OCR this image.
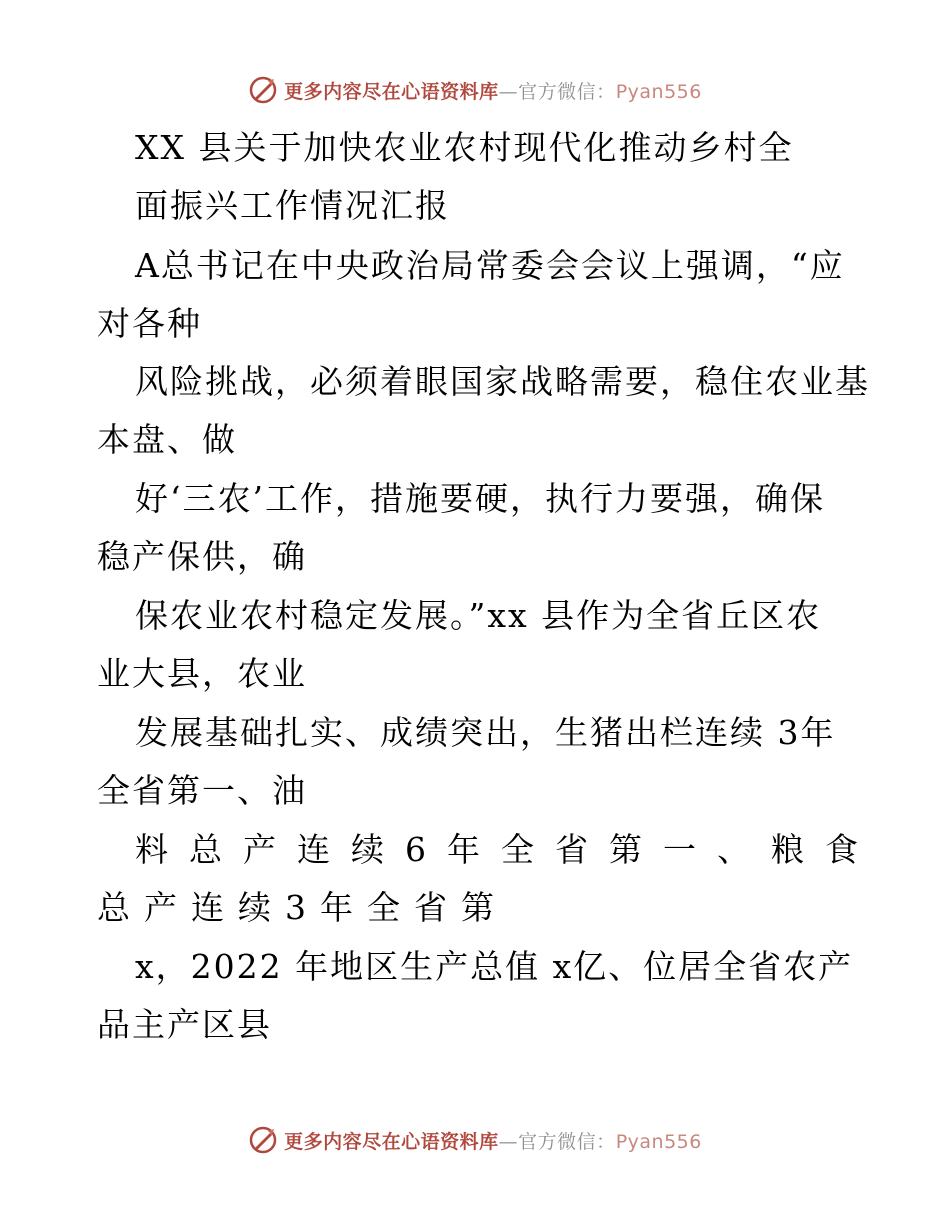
更多内容尽在心语资料库—官方微信：Pyan556
XX 县关于加快农业农村现代化推动乡村全
面振兴工作情况汇报
A总书记在中央政治局常委会会议上强调，“应
对各种
风险挑战，必须着眼国家战略需要，稳住农业基
本盘、做
好‘三农’工作，措施要硬，执行力要强，确保
稳产保供，确
保农业农村稳定发展。”xx 县作为全省丘区农
业大县，农业
发展基础扎实、成绩突出，生猪出栏连续 3年
全省第一、油
料总产连续6年全省第一、粮食
总产连续3年全省第
x，2022 年地区生产总值 x亿、位居全省农产
品主产区县
更多内容尽在心语资料库—官方微信：Pyan556
